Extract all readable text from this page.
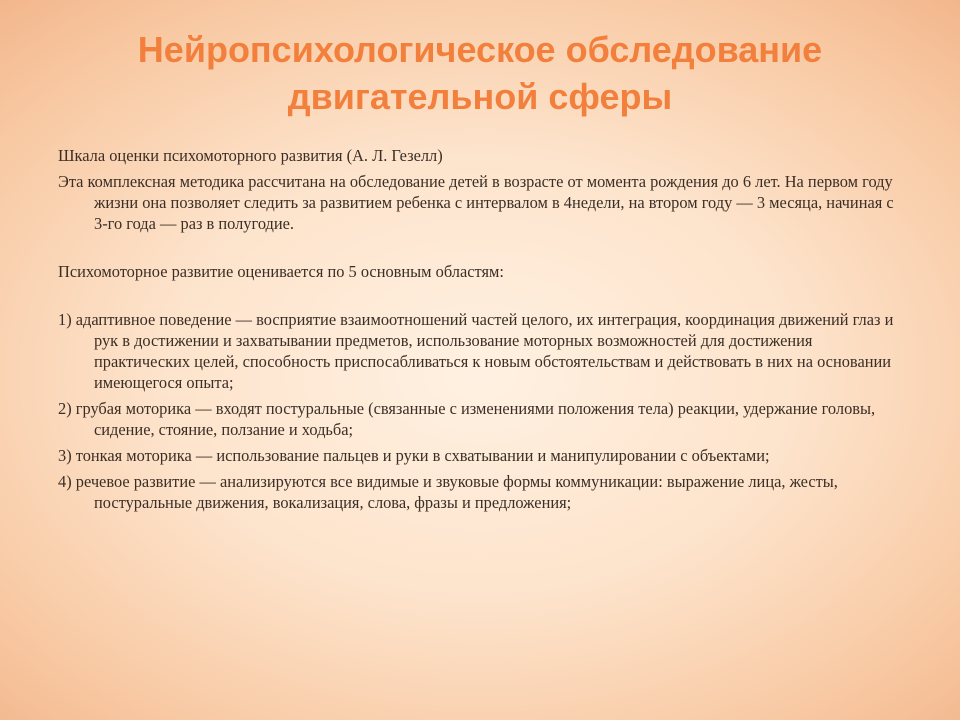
Нейропсихологическое обследование
двигательной сферы

Шкала оценки психомоторного развития (А. Л. Гезелл)

Эта комплексная методика рассчитана на обследование детей в возрасте от момента рождения до 6 лет. На первом году жизни она позволяет следить за развитием ребенка с интервалом в 4недели, на втором году — 3 месяца, начиная с 3-го года — раз в полугодие.

Психомоторное развитие оценивается по 5 основным областям:

1) адаптивное поведение — восприятие взаимоотношений частей целого, их интеграция, координация движений глаз и рук в достижении и захватывании предметов, использование моторных возможностей для достижения практических целей, способность приспосабливаться к новым обстоятельствам и действовать в них на основании имеющегося опыта;

2) грубая моторика — входят постуральные (связанные с изменениями положения тела) реакции, удержание головы, сидение, стояние, ползание и ходьба;

3) тонкая моторика — использование пальцев и руки в схватывании и манипулировании с объектами;

4) речевое развитие — анализируются все видимые и звуковые формы коммуникации: выражение лица, жесты, постуральные движения, вокализация, слова, фразы и предложения;
